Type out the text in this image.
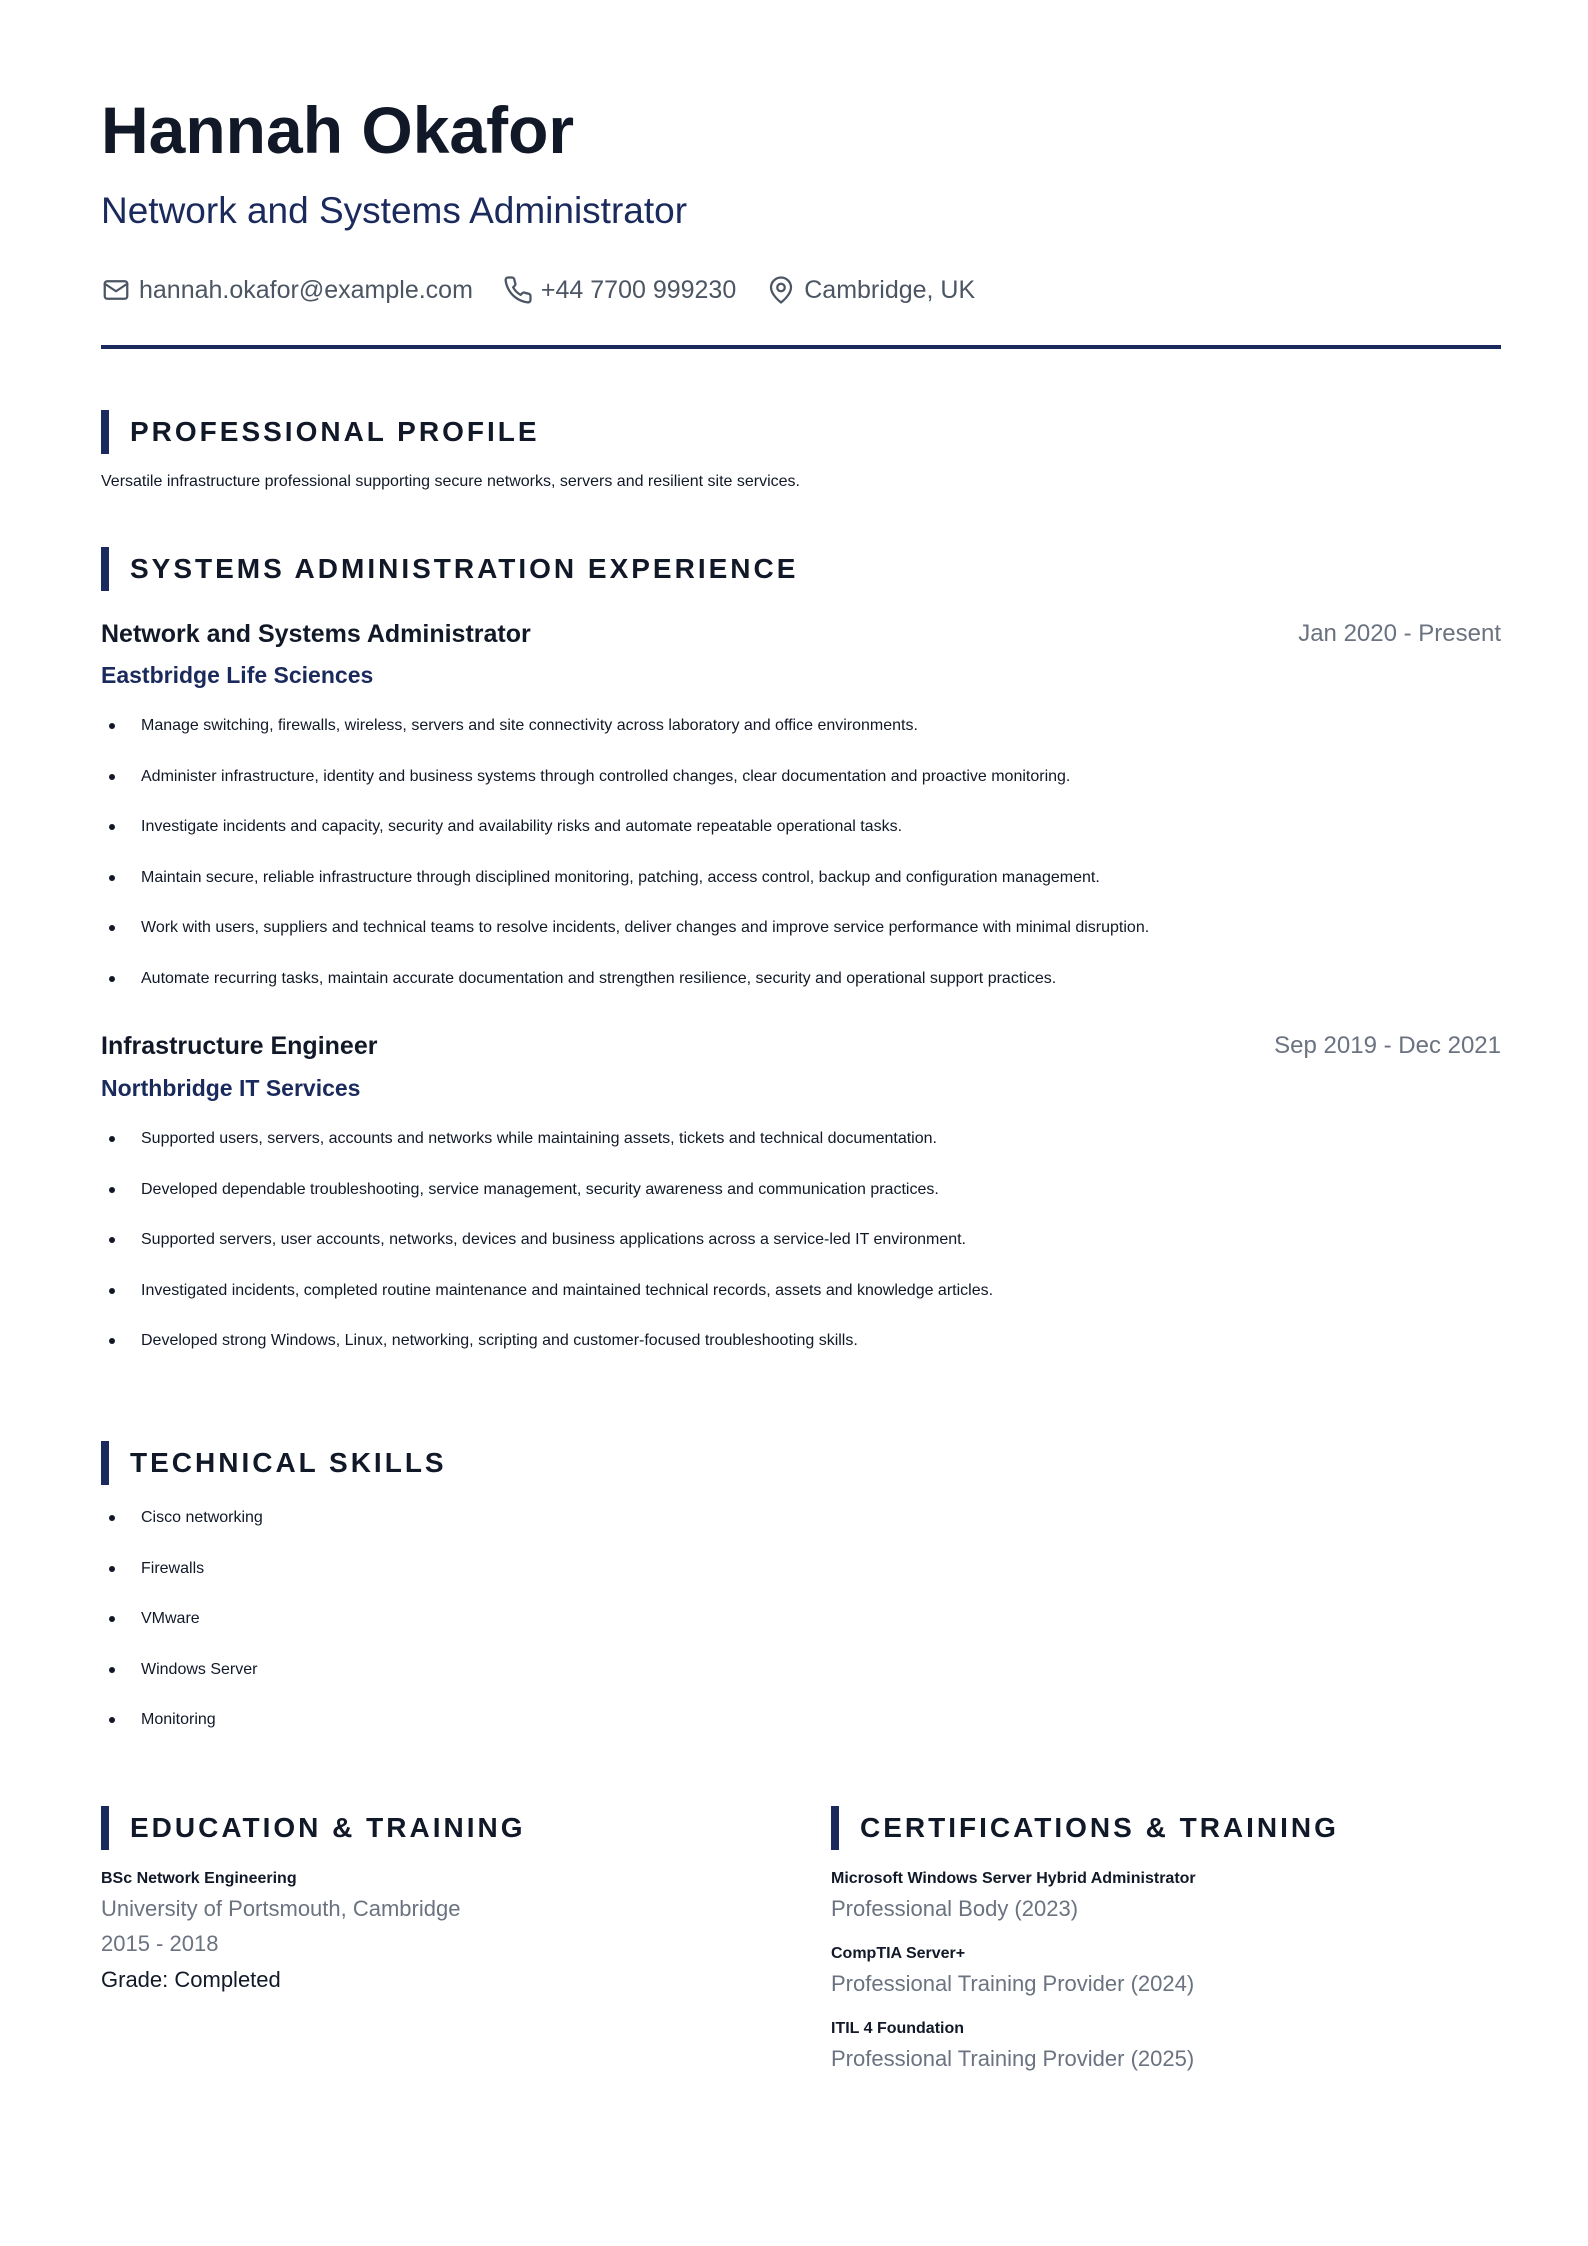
Hannah Okafor
Network and Systems Administrator
hannah.okafor@example.com	+44 7700 999230	Cambridge, UK
PROFESSIONAL PROFILE
Versatile infrastructure professional supporting secure networks, servers and resilient site services.
SYSTEMS ADMINISTRATION EXPERIENCE
Network and Systems Administrator	Jan 2020 - Present
Eastbridge Life Sciences
Manage switching, firewalls, wireless, servers and site connectivity across laboratory and office environments.
Administer infrastructure, identity and business systems through controlled changes, clear documentation and proactive monitoring.
Investigate incidents and capacity, security and availability risks and automate repeatable operational tasks.
Maintain secure, reliable infrastructure through disciplined monitoring, patching, access control, backup and configuration management.
Work with users, suppliers and technical teams to resolve incidents, deliver changes and improve service performance with minimal disruption.
Automate recurring tasks, maintain accurate documentation and strengthen resilience, security and operational support practices.
Infrastructure Engineer	Sep 2019 - Dec 2021
Northbridge IT Services
Supported users, servers, accounts and networks while maintaining assets, tickets and technical documentation.
Developed dependable troubleshooting, service management, security awareness and communication practices.
Supported servers, user accounts, networks, devices and business applications across a service-led IT environment.
Investigated incidents, completed routine maintenance and maintained technical records, assets and knowledge articles.
Developed strong Windows, Linux, networking, scripting and customer-focused troubleshooting skills.
TECHNICAL SKILLS
Cisco networking
Firewalls
VMware
Windows Server
Monitoring
EDUCATION & TRAINING
BSc Network Engineering
University of Portsmouth, Cambridge
2015 - 2018
Grade: Completed
CERTIFICATIONS & TRAINING
Microsoft Windows Server Hybrid Administrator
Professional Body (2023)
CompTIA Server+
Professional Training Provider (2024)
ITIL 4 Foundation
Professional Training Provider (2025)
